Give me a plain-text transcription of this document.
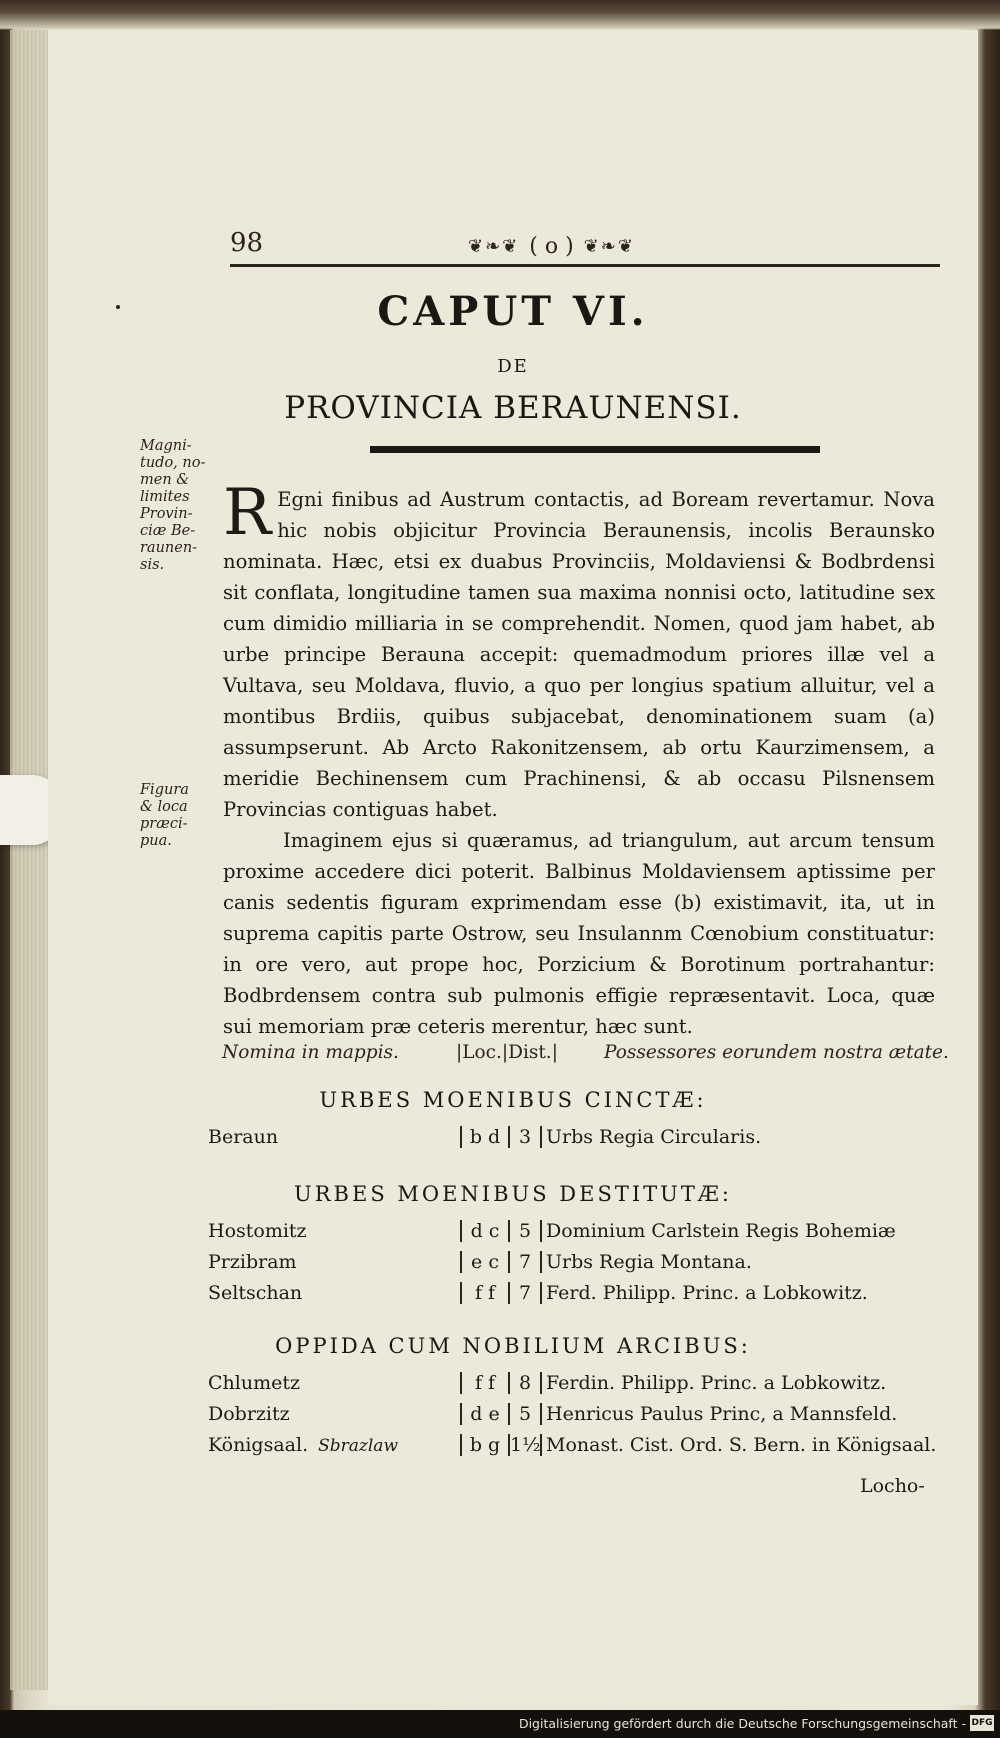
98	❦❧❦ ( o ) ❦❧❦
CAPUT VI.
DE
PROVINCIA BERAUNENSI.
Magni-
tudo, no-
men &
limites
Provin-
ciæ Be-
raunen-
sis.
Figura
& loca
præci-
pua.

R Egni finibus ad Austrum contactis, ad Boream revertamur. Nova hic nobis objicitur Provincia Beraunensis, incolis Beraunsko nominata. Hæc, etsi ex duabus Provinciis, Moldaviensi & Bodbrdensi sit conflata, longitudine tamen sua maxima nonnisi octo, latitudine sex cum dimidio milliaria in se comprehendit. Nomen, quod jam habet, ab urbe principe Berauna accepit: quemadmodum priores illæ vel a Vultava, seu Moldava, fluvio, a quo per longius spatium alluitur, vel a montibus Brdiis, quibus subjacebat, denominationem suam (a) assumpserunt. Ab Arcto Rakonitzensem, ab ortu Kaurzimensem, a meridie Bechinensem cum Prachinensi, & ab occasu Pilsnensem Provincias contiguas habet.

Imaginem ejus si quæramus, ad triangulum, aut arcum tensum proxime accedere dici poterit. Balbinus Moldaviensem aptissime per canis sedentis figuram exprimendam esse (b) existimavit, ita, ut in suprema capitis parte Ostrow, seu Insulannm Cœnobium constituatur: in ore vero, aut prope hoc, Porzicium & Borotinum portrahantur: Bodbrdensem contra sub pulmonis effigie repræsentavit. Loca, quæ sui memoriam præ ceteris merentur, hæc sunt.

Nomina in mappis.	|Loc.|Dist.| Possessores eorundem nostra ætate.
URBES MOENIBUS CINCTÆ:
Beraun	b d 3 Urbs Regia Circularis.
URBES MOENIBUS DESTITUTÆ:
Hostomitz	d c	5 Dominium Carlstein Regis Bohemiæ
Przibram	e c	7 Urbs Regia Montana.
Seltschan	f f	7 Ferd. Philipp. Princ. a Lobkowitz.
OPPIDA CUM NOBILIUM ARCIBUS:
Chlumetz	f f	8 Ferdin. Philipp. Princ. a Lobkowitz.
Dobrzitz	d e	5 Henricus Paulus Princ, a Mannsfeld.
Königsaal. Sbrazlaw	b g 1½ Monast. Cist. Ord. S. Bern. in Königsaal.
Locho-
Digitalisierung gefördert durch die Deutsche Forschungsgemeinschaft - DFG
